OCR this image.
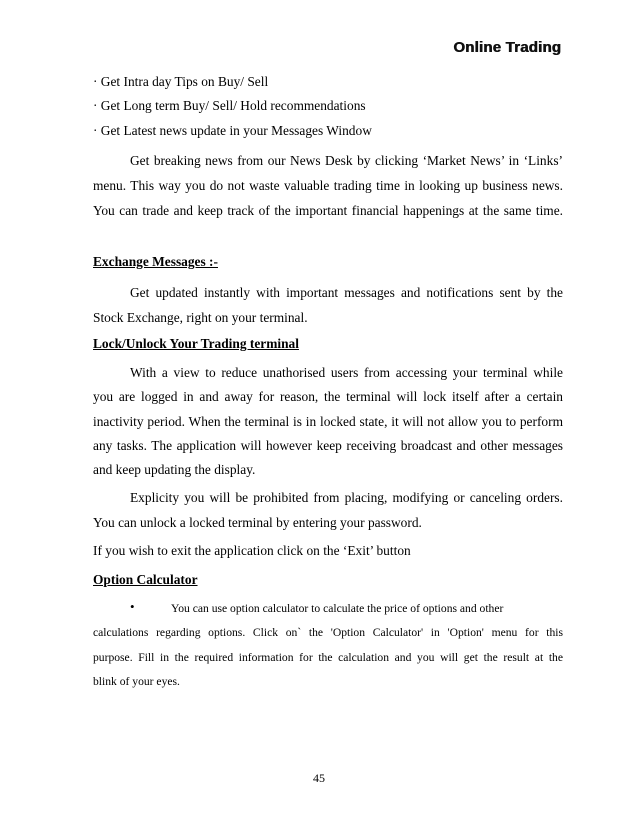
Online Trading
· Get Intra day Tips on Buy/ Sell
· Get Long term Buy/ Sell/ Hold recommendations
· Get Latest news update in your Messages Window
Get breaking news from our News Desk by clicking ‘Market News’ in ‘Links’
menu. This way you do not waste valuable trading time in looking up business news.
You can trade and keep track of the important financial happenings at the same time.
Exchange Messages :-
Get updated instantly with important messages and notifications sent by the
Stock Exchange, right on your terminal.
Lock/Unlock Your Trading terminal
With a view to reduce unathorised users from accessing your terminal while
you are logged in and away for reason, the terminal will lock itself after a certain
inactivity period. When the terminal is in locked state, it will not allow you to perform
any tasks. The application will however keep receiving broadcast and other messages
and keep updating the display.
Explicity you will be prohibited from placing, modifying or canceling orders.
You can unlock a locked terminal by entering your password.
If you wish to exit the application click on the ‘Exit’ button
Option Calculator
•	You can use option calculator to calculate the price of options and other
calculations regarding options. Click on` the 'Option Calculator' in 'Option' menu for this
purpose. Fill in the required information for the calculation and you will get the result at the
blink of your eyes.
45
